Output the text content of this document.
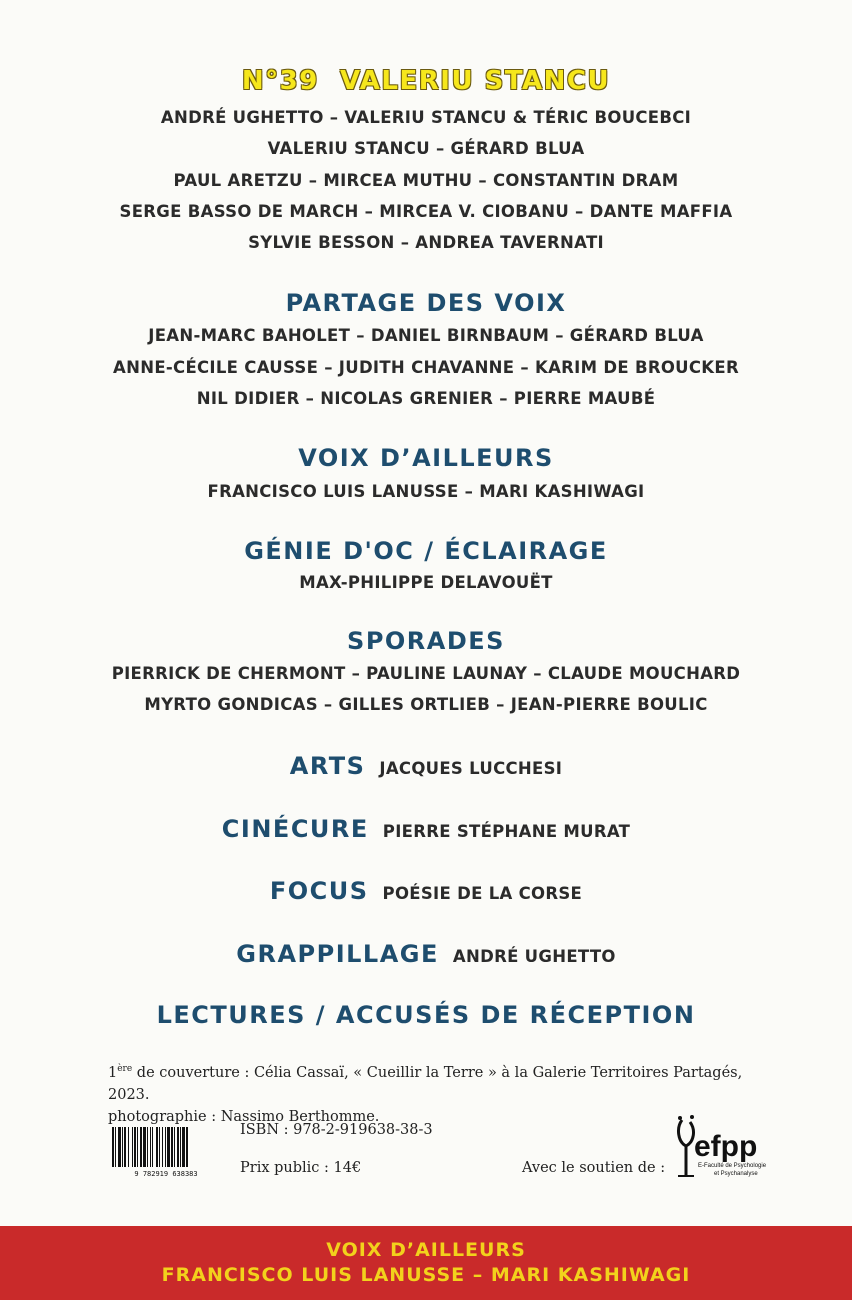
N°39 VALERIU STANCU
ANDRÉ UGHETTO – VALERIU STANCU & TÉRIC BOUCEBCI
VALERIU STANCU – GÉRARD BLUA
PAUL ARETZU – MIRCEA MUTHU – CONSTANTIN DRAM
SERGE BASSO DE MARCH – MIRCEA V. CIOBANU – DANTE MAFFIA
SYLVIE BESSON – ANDREA TAVERNATI
PARTAGE DES VOIX
JEAN-MARC BAHOLET – DANIEL BIRNBAUM – GÉRARD BLUA
ANNE-CÉCILE CAUSSE – JUDITH CHAVANNE – KARIM DE BROUCKER
NIL DIDIER – NICOLAS GRENIER – PIERRE MAUBÉ
VOIX D’AILLEURS
FRANCISCO LUIS LANUSSE – MARI KASHIWAGI
GÉNIE D'OC / ÉCLAIRAGE
MAX-PHILIPPE DELAVOUËT
SPORADES
PIERRICK DE CHERMONT – PAULINE LAUNAY – CLAUDE MOUCHARD
MYRTO GONDICAS – GILLES ORTLIEB – JEAN-PIERRE BOULIC
ARTS JACQUES LUCCHESI
CINÉCURE PIERRE STÉPHANE MURAT
FOCUS POÉSIE DE LA CORSE
GRAPPILLAGE ANDRÉ UGHETTO
LECTURES / ACCUSÉS DE RÉCEPTION
1ère de couverture : Célia Cassaï, « Cueillir la Terre » à la Galerie Territoires Partagés, 2023.
photographie : Nassimo Berthomme.
9 782919 638383
ISBN : 978-2-919638-38-3
Prix public : 14€	Avec le soutien de :
efpp
E-Faculté de Psychologie
et Psychanalyse
VOIX D’AILLEURS
FRANCISCO LUIS LANUSSE – MARI KASHIWAGI
